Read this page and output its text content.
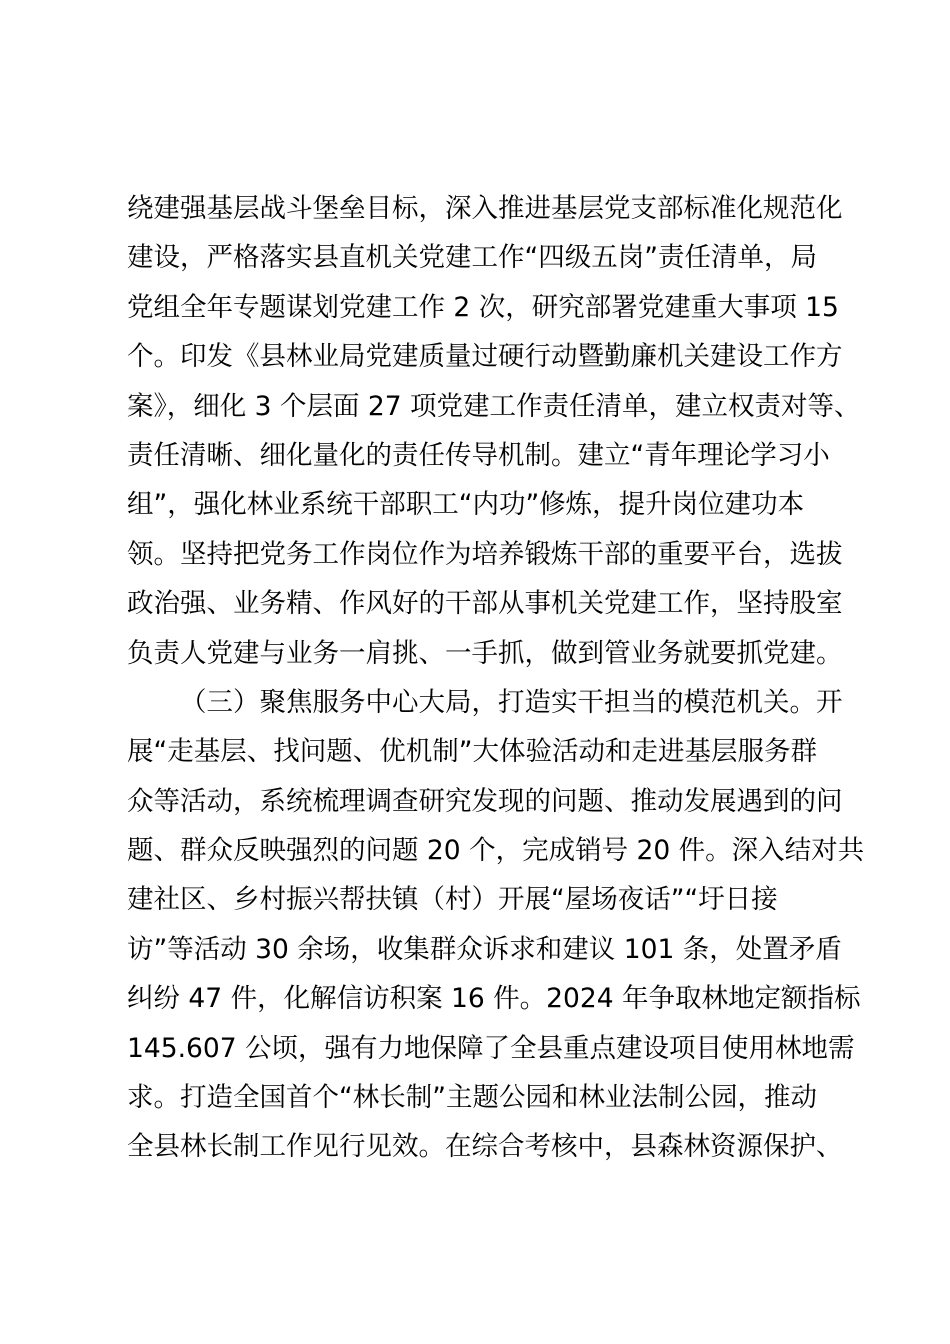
绕建强基层战斗堡垒目标，深入推进基层党支部标准化规范化
建设，严格落实县直机关党建工作“四级五岗”责任清单，局
党组全年专题谋划党建工作 2 次，研究部署党建重大事项 15
个。印发《县林业局党建质量过硬行动暨勤廉机关建设工作方
案》，细化 3 个层面 27 项党建工作责任清单，建立权责对等、
责任清晰、细化量化的责任传导机制。建立“青年理论学习小
组”，强化林业系统干部职工“内功”修炼，提升岗位建功本
领。坚持把党务工作岗位作为培养锻炼干部的重要平台，选拔
政治强、业务精、作风好的干部从事机关党建工作，坚持股室
负责人党建与业务一肩挑、一手抓，做到管业务就要抓党建。
（三）聚焦服务中心大局，打造实干担当的模范机关。开
展“走基层、找问题、优机制”大体验活动和走进基层服务群
众等活动，系统梳理调查研究发现的问题、推动发展遇到的问
题、群众反映强烈的问题 20 个，完成销号 20 件。深入结对共
建社区、乡村振兴帮扶镇（村）开展“屋场夜话”“圩日接
访”等活动 30 余场，收集群众诉求和建议 101 条，处置矛盾
纠纷 47 件，化解信访积案 16 件。2024 年争取林地定额指标
145.607 公顷，强有力地保障了全县重点建设项目使用林地需
求。打造全国首个“林长制”主题公园和林业法制公园，推动
全县林长制工作见行见效。在综合考核中，县森林资源保护、
